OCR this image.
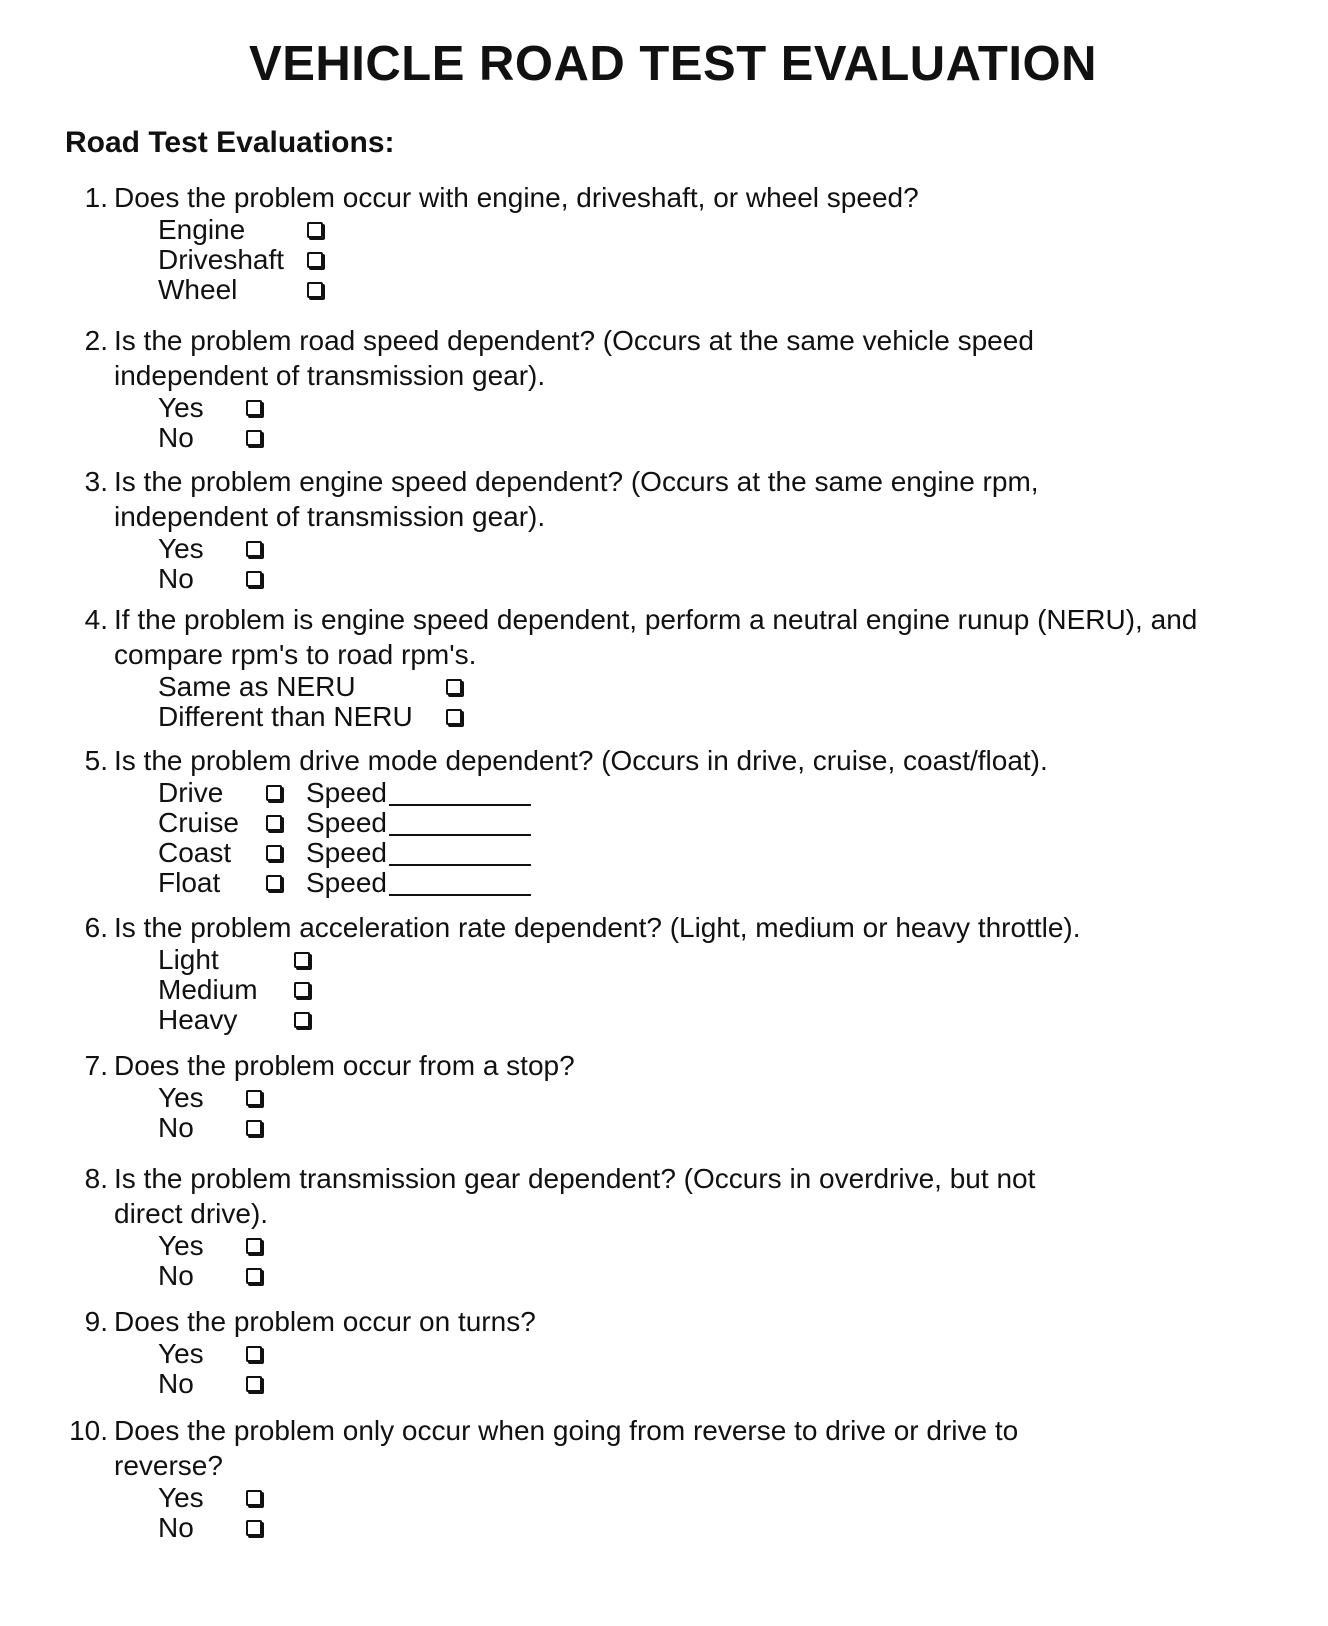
VEHICLE ROAD TEST EVALUATION
Road Test Evaluations:
1. Does the problem occur with engine, driveshaft, or wheel speed?
Engine
Driveshaft
Wheel
2. Is the problem road speed dependent? (Occurs at the same vehicle speed independent of transmission gear).
Yes
No
3. Is the problem engine speed dependent? (Occurs at the same engine rpm, independent of transmission gear).
Yes
No
4. If the problem is engine speed dependent, perform a neutral engine runup (NERU), and compare rpm's to road rpm's.
Same as NERU
Different than NERU
5. Is the problem drive mode dependent? (Occurs in drive, cruise, coast/float).
Drive	Speed
Cruise	Speed
Coast	Speed
Float	Speed
6. Is the problem acceleration rate dependent? (Light, medium or heavy throttle).
Light
Medium
Heavy
7. Does the problem occur from a stop?
Yes
No
8. Is the problem transmission gear dependent? (Occurs in overdrive, but not direct drive).
Yes
No
9. Does the problem occur on turns?
Yes
No
10. Does the problem only occur when going from reverse to drive or drive to reverse?
Yes
No
